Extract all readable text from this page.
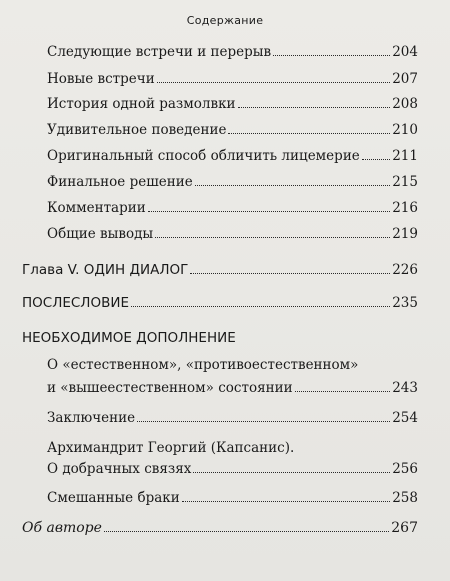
Содержание
Следующие встречи и перерыв	204
Новые встречи	207
История одной размолвки	208
Удивительное поведение	210
Оригинальный способ обличить лицемерие 211
Финальное решение	215
Комментарии	216
Общие выводы	219
Глава V. ОДИН ДИАЛОГ	226
ПОСЛЕСЛОВИЕ	235
НЕОБХОДИМОЕ ДОПОЛНЕНИЕ
О «естественном», «противоестественном»
и «вышеестественном» состоянии	243
Заключение	254
Архимандрит Георгий (Капсанис).
О добрачных связях	256
Смешанные браки	258
Об авторе	267
